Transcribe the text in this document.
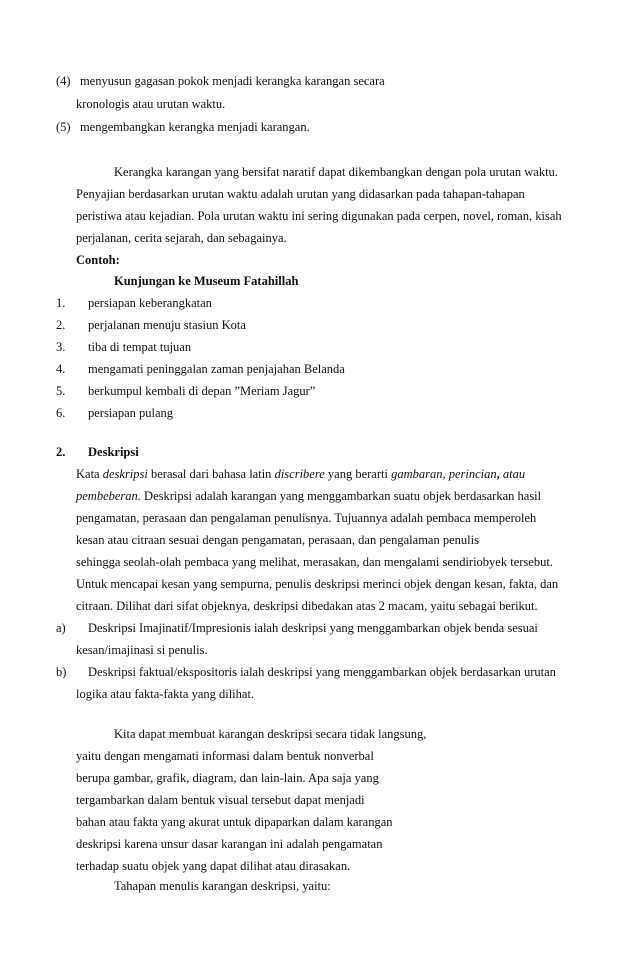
(4) menyusun gagasan pokok menjadi kerangka karangan secara
kronologis atau urutan waktu.
(5) mengembangkan kerangka menjadi karangan.
Kerangka karangan yang bersifat naratif dapat dikembangkan dengan pola urutan waktu.
Penyajian berdasarkan urutan waktu adalah urutan yang didasarkan pada tahapan-tahapan
peristiwa atau kejadian. Pola urutan waktu ini sering digunakan pada cerpen, novel, roman, kisah
perjalanan, cerita sejarah, dan sebagainya.
Contoh:
Kunjungan ke Museum Fatahillah
1. persiapan keberangkatan
2. perjalanan menuju stasiun Kota
3. tiba di tempat tujuan
4. mengamati peninggalan zaman penjajahan Belanda
5. berkumpul kembali di depan ”Meriam Jagur”
6. persiapan pulang
2. Deskripsi
Kata deskripsi berasal dari bahasa latin discribere yang berarti gambaran, perincian, atau
pembeberan. Deskripsi adalah karangan yang menggambarkan suatu objek berdasarkan hasil
pengamatan, perasaan dan pengalaman penulisnya. Tujuannya adalah pembaca memperoleh
kesan atau citraan sesuai dengan pengamatan, perasaan, dan pengalaman penulis
sehingga seolah-olah pembaca yang melihat, merasakan, dan mengalami sendiriobyek tersebut.
Untuk mencapai kesan yang sempurna, penulis deskripsi merinci objek dengan kesan, fakta, dan
citraan. Dilihat dari sifat objeknya, deskripsi dibedakan atas 2 macam, yaitu sebagai berikut.
a) Deskripsi Imajinatif/Impresionis ialah deskripsi yang menggambarkan objek benda sesuai
kesan/imajinasi si penulis.
b) Deskripsi faktual/ekspositoris ialah deskripsi yang menggambarkan objek berdasarkan urutan
logika atau fakta-fakta yang dilihat.
Kita dapat membuat karangan deskripsi secara tidak langsung,
yaitu dengan mengamati informasi dalam bentuk nonverbal
berupa gambar, grafik, diagram, dan lain-lain. Apa saja yang
tergambarkan dalam bentuk visual tersebut dapat menjadi
bahan atau fakta yang akurat untuk dipaparkan dalam karangan
deskripsi karena unsur dasar karangan ini adalah pengamatan
terhadap suatu objek yang dapat dilihat atau dirasakan.
Tahapan menulis karangan deskripsi, yaitu:
